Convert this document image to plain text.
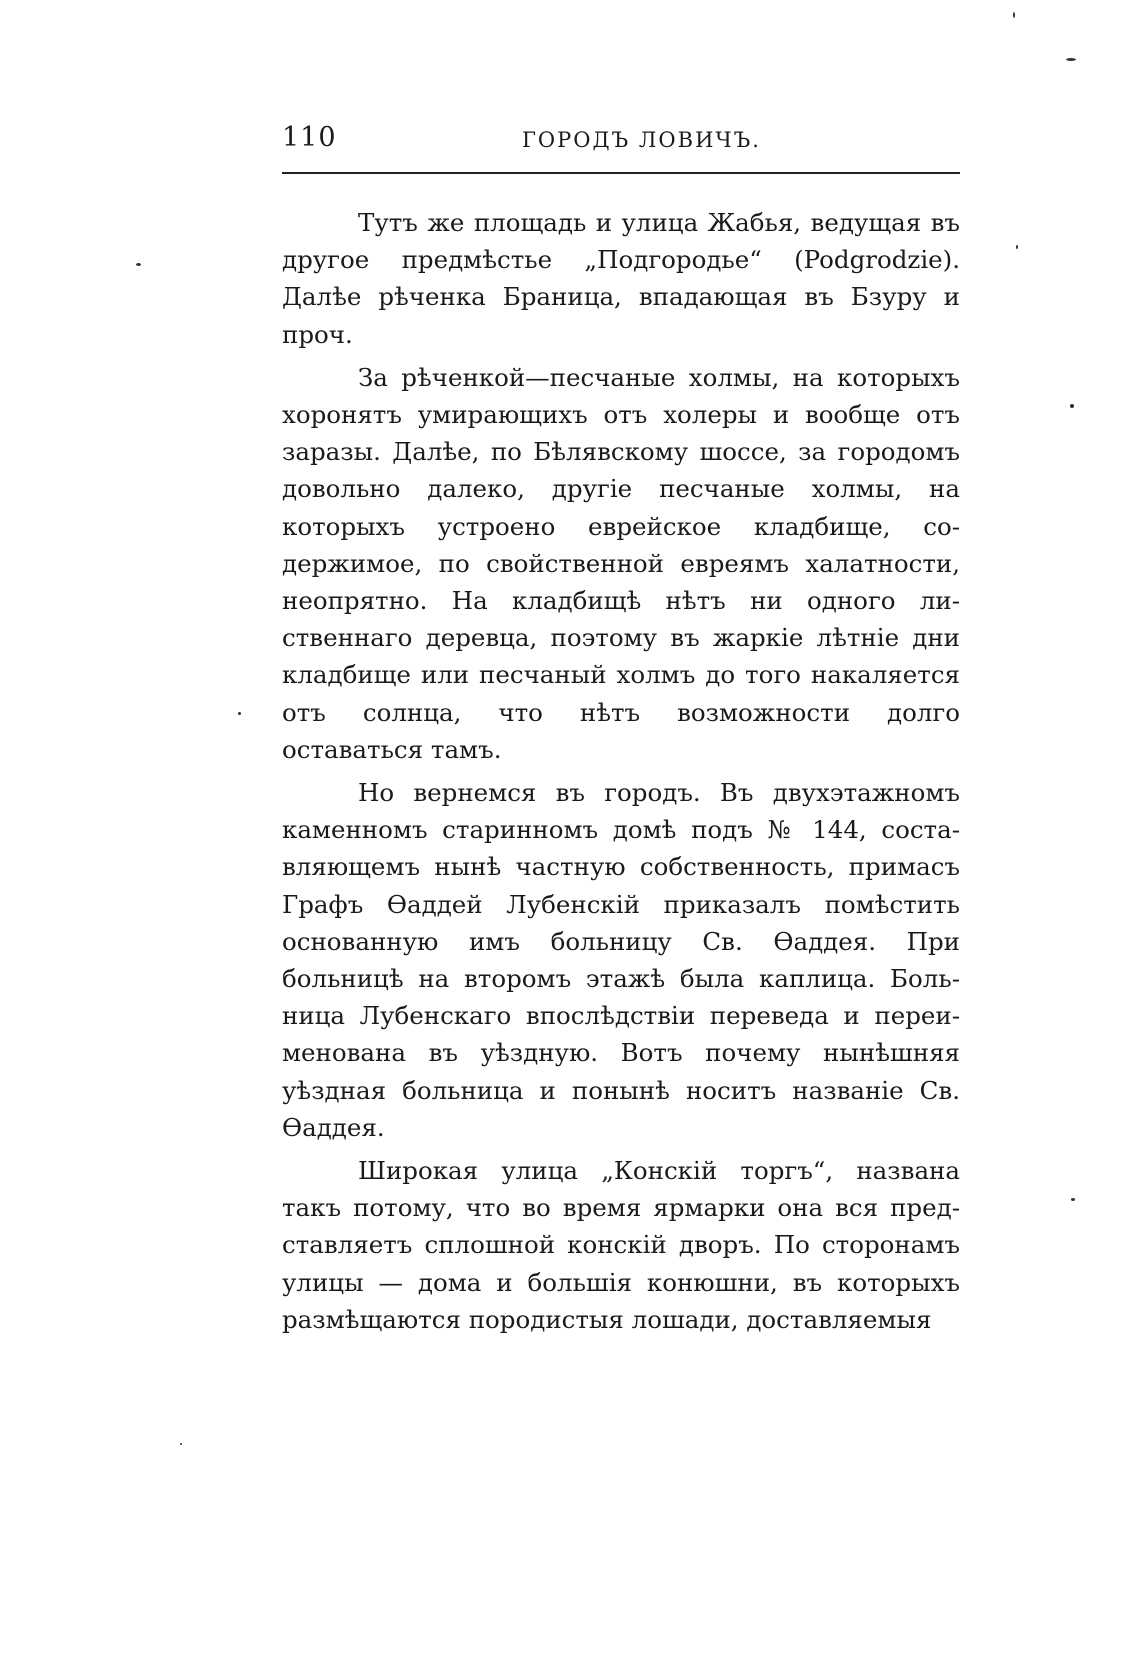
110	ГОРОДЪ ЛОВИЧЪ.

Тутъ же площадь и улица Жабья, ведущая въ другое предмѣстье „Подгородье“ (Podgrodzie). Далѣе рѣченка Браница, впадающая въ Бзуру и проч.

За рѣченкой—песчаные холмы, на которыхъ хоронятъ умирающихъ отъ холеры и вообще отъ заразы. Далѣе, по Бѣлявскому шоссе, за городомъ довольно далеко, другіе песчаные холмы, на которыхъ устроено еврейское кладбище, содержимое, по свойственной евреямъ халатности, неопрятно. На кладбищѣ нѣтъ ни одного лиственнаго деревца, поэтому въ жаркіе лѣтніе дни кладбище или песчаный холмъ до того накаляется отъ солнца, что нѣтъ возможности долго оставаться тамъ.

Но вернемся въ городъ. Въ двухэтажномъ каменномъ старинномъ домѣ подъ № 144, составляющемъ нынѣ частную собственность, примасъ Графъ Ѳаддей Лубенскій приказалъ помѣстить основанную имъ больницу Св. Ѳаддея. При больницѣ на второмъ этажѣ была каплица. Больница Лубенскаго впослѣдствіи переведа и переименована въ уѣздную. Вотъ почему нынѣшняя уѣздная больница и понынѣ носитъ названіе Св. Ѳаддея.

Широкая улица „Конскій торгъ“, названа такъ потому, что во время ярмарки она вся представляетъ сплошной конскій дворъ. По сторонамъ улицы — дома и большія конюшни, въ которыхъ размѣщаются породистыя лошади, доставляемыя
